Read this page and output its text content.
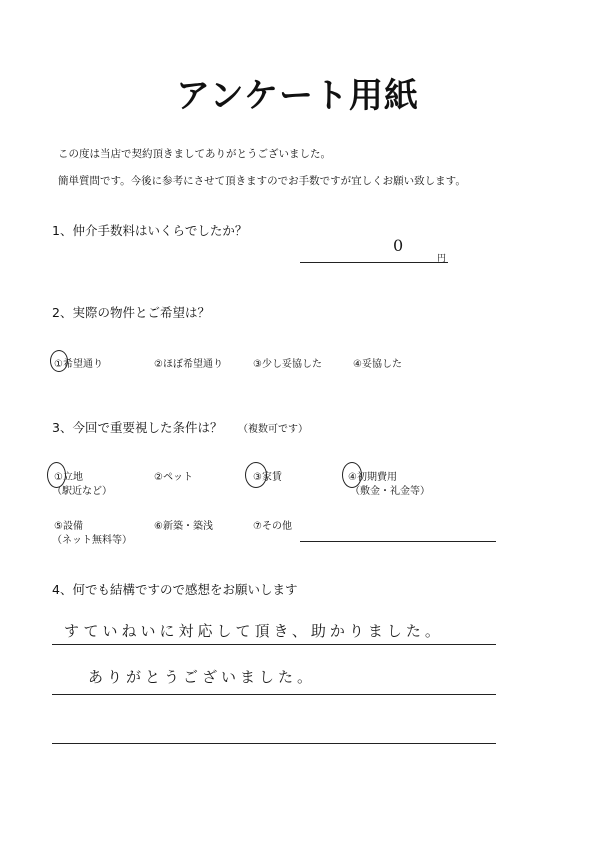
アンケート用紙
この度は当店で契約頂きましてありがとうございました。
簡単質問です。今後に参考にさせて頂きますのでお手数ですが宜しくお願い致します。
1、仲介手数料はいくらでしたか？
0
円
2、実際の物件とご希望は？
①希望通り	②ほぼ希望通り	③少し妥協した	④妥協した
3、今回で重要視した条件は？ （複数可です）
①立地
（駅近など）
②ペット	③家賃	④初期費用
（敷金・礼金等）
⑤設備
（ネット無料等）
⑥新築・築浅	⑦その他
4、何でも結構ですので感想をお願いします
すていねいに対応して頂き、助かりました。
ありがとうございました。
